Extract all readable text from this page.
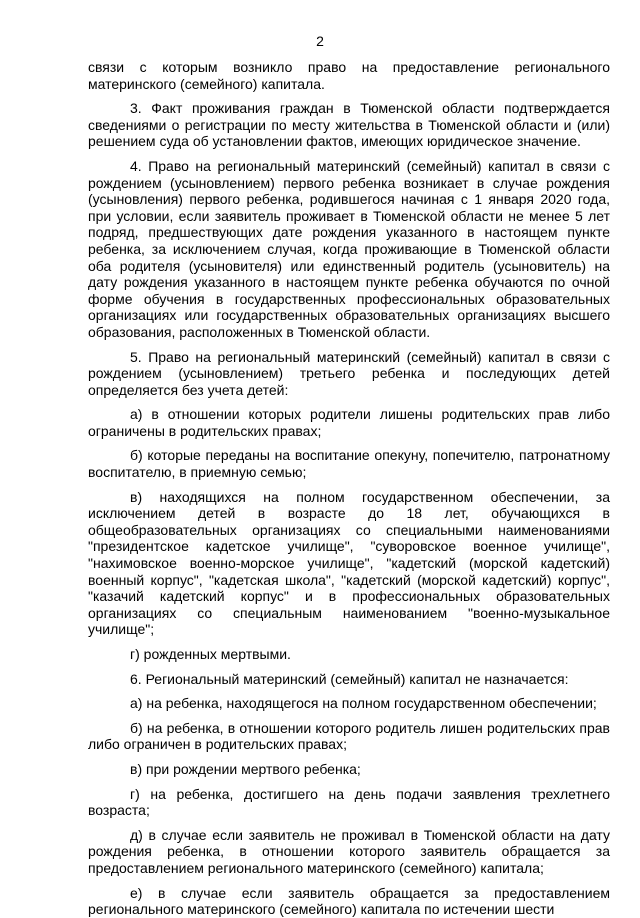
2

связи с которым возникло право на предоставление регионального материнского (семейного) капитала.

3. Факт проживания граждан в Тюменской области подтверждается сведениями о регистрации по месту жительства в Тюменской области и (или) решением суда об установлении фактов, имеющих юридическое значение.

4. Право на региональный материнский (семейный) капитал в связи с рождением (усыновлением) первого ребенка возникает в случае рождения (усыновления) первого ребенка, родившегося начиная с 1 января 2020 года, при условии, если заявитель проживает в Тюменской области не менее 5 лет подряд, предшествующих дате рождения указанного в настоящем пункте ребенка, за исключением случая, когда проживающие в Тюменской области оба родителя (усыновителя) или единственный родитель (усыновитель) на дату рождения указанного в настоящем пункте ребенка обучаются по очной форме обучения в государственных профессиональных образовательных организациях или государственных образовательных организациях высшего образования, расположенных в Тюменской области.

5. Право на региональный материнский (семейный) капитал в связи с рождением (усыновлением) третьего ребенка и последующих детей определяется без учета детей:

а) в отношении которых родители лишены родительских прав либо ограничены в родительских правах;

б) которые переданы на воспитание опекуну, попечителю, патронатному воспитателю, в приемную семью;

в) находящихся на полном государственном обеспечении, за исключением детей в возрасте до 18 лет, обучающихся в общеобразовательных организациях со специальными наименованиями "президентское кадетское училище", "суворовское военное училище", "нахимовское военно-морское училище", "кадетский (морской кадетский) военный корпус", "кадетская школа", "кадетский (морской кадетский) корпус", "казачий кадетский корпус" и в профессиональных образовательных организациях со специальным наименованием "военно-музыкальное училище";

г) рожденных мертвыми.

6. Региональный материнский (семейный) капитал не назначается:

а) на ребенка, находящегося на полном государственном обеспечении;

б) на ребенка, в отношении которого родитель лишен родительских прав либо ограничен в родительских правах;

в) при рождении мертвого ребенка;

г) на ребенка, достигшего на день подачи заявления трехлетнего возраста;

д) в случае если заявитель не проживал в Тюменской области на дату рождения ребенка, в отношении которого заявитель обращается за предоставлением регионального материнского (семейного) капитала;

е) в случае если заявитель обращается за предоставлением регионального материнского (семейного) капитала по истечении шести
